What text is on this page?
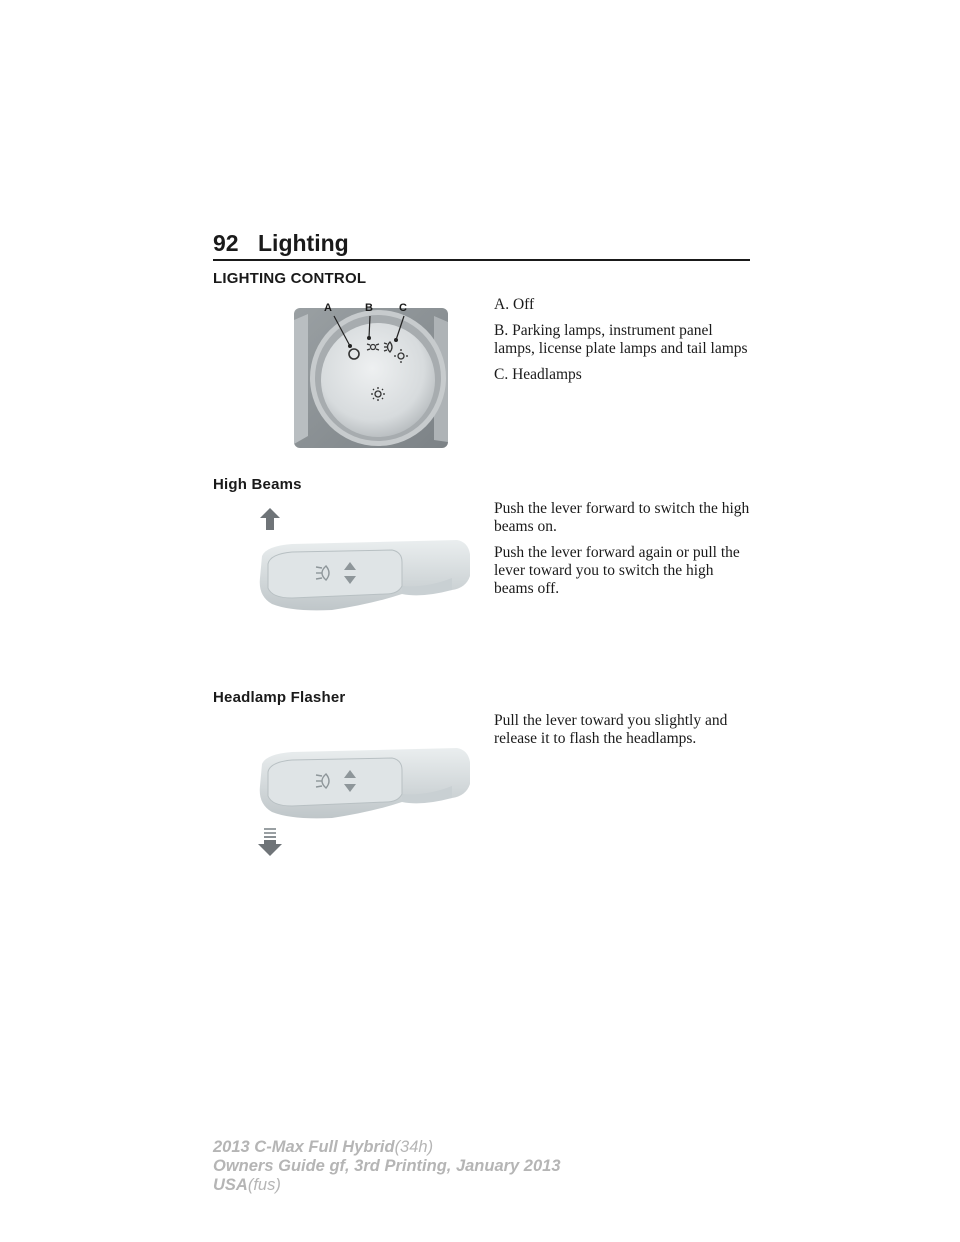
92 Lighting
LIGHTING CONTROL
A	B C	A. Off

B. Parking lamps, instrument panel lamps, license plate lamps and tail lamps

C. Headlamps

High Beams

Push the lever forward to switch the high beams on.

Push the lever forward again or pull the lever toward you to switch the high beams off.

Headlamp Flasher

Pull the lever toward you slightly and release it to flash the headlamps.

2013 C-Max Full Hybrid(34h)
Owners Guide gf, 3rd Printing, January 2013
USA(fus)
